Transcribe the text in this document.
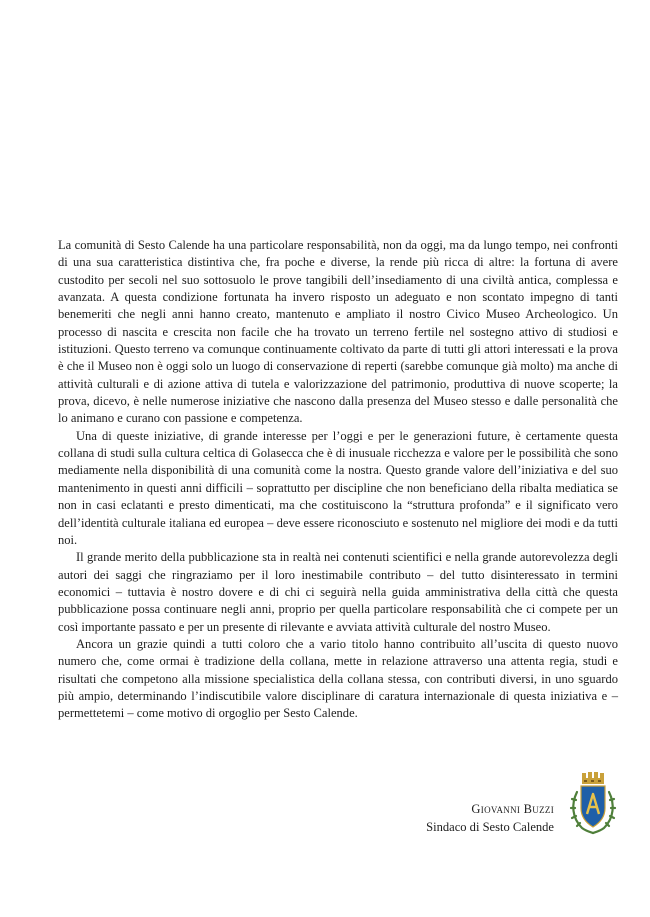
La comunità di Sesto Calende ha una particolare responsabilità, non da oggi, ma da lungo tempo, nei confronti di una sua caratteristica distintiva che, fra poche e diverse, la rende più ricca di altre: la fortuna di avere custodito per secoli nel suo sottosuolo le prove tangibili dell’insediamento di una civiltà antica, complessa e avanzata. A questa condizione fortunata ha invero risposto un adeguato e non scontato impegno di tanti benemeriti che negli anni hanno creato, mantenuto e ampliato il nostro Civico Museo Archeologico. Un processo di nascita e crescita non facile che ha trovato un terreno fertile nel sostegno attivo di studiosi e istituzioni. Questo terreno va comunque continuamente coltivato da parte di tutti gli attori interessati e la prova è che il Museo non è oggi solo un luogo di conservazione di reperti (sarebbe comunque già molto) ma anche di attività culturali e di azione attiva di tutela e valorizzazione del patrimonio, produttiva di nuove scoperte; la prova, dicevo, è nelle numerose iniziative che nascono dalla presenza del Museo stesso e dalle personalità che lo animano e curano con passione e competenza.

Una di queste iniziative, di grande interesse per l’oggi e per le generazioni future, è certamente questa collana di studi sulla cultura celtica di Golasecca che è di inusuale ricchezza e valore per le possibilità che sono mediamente nella disponibilità di una comunità come la nostra. Questo grande valore dell’iniziativa e del suo mantenimento in questi anni difficili – soprattutto per discipline che non beneficiano della ribalta mediatica se non in casi eclatanti e presto dimenticati, ma che costituiscono la “struttura profonda” e il significato vero dell’identità culturale italiana ed europea – deve essere riconosciuto e sostenuto nel migliore dei modi e da tutti noi.

Il grande merito della pubblicazione sta in realtà nei contenuti scientifici e nella grande autorevolezza degli autori dei saggi che ringraziamo per il loro inestimabile contributo – del tutto disinteressato in termini economici – tuttavia è nostro dovere e di chi ci seguirà nella guida amministrativa della città che questa pubblicazione possa continuare negli anni, proprio per quella particolare responsabilità che ci compete per un così importante passato e per un presente di rilevante e avviata attività culturale del nostro Museo.

Ancora un grazie quindi a tutti coloro che a vario titolo hanno contribuito all’uscita di questo nuovo numero che, come ormai è tradizione della collana, mette in relazione attraverso una attenta regia, studi e risultati che competono alla missione specialistica della collana stessa, con contributi diversi, in uno sguardo più ampio, determinando l’indiscutibile valore disciplinare di caratura internazionale di questa iniziativa e – permettetemi – come motivo di orgoglio per Sesto Calende.

Giovanni Buzzi
Sindaco di Sesto Calende
